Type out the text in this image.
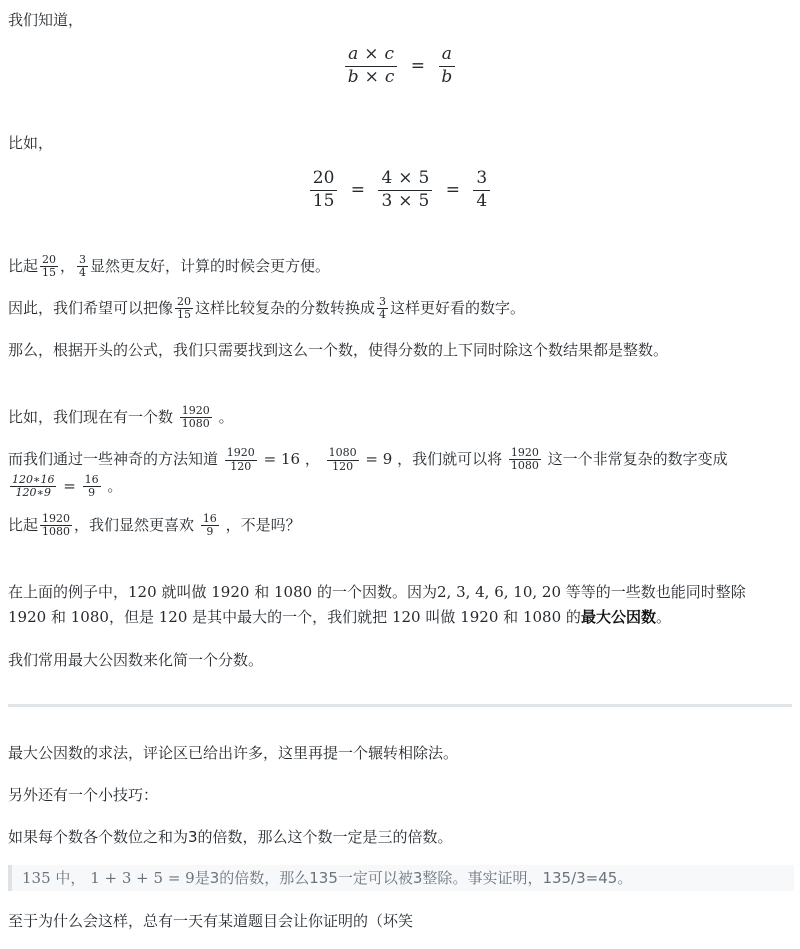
我们知道，

$\frac{a \times c}{b \times c} = \frac{a}{b}$

比如，

$\frac{20}{15} = \frac{4 \times 5}{3 \times 5} = \frac{3}{4}$

比起 $\frac{20}{15}$ ， $\frac{3}{4}$ 显然更友好，计算的时候会更方便。

因此，我们希望可以把像 $\frac{20}{15}$ 这样比较复杂的分数转换成 $\frac{3}{4}$ 这样更好看的数字。

那么，根据开头的公式，我们只需要找到这么一个数，使得分数的上下同时除这个数结果都是整数。

比如，我们现在有一个数 $\frac{1920}{1080}$ 。

而我们通过一些神奇的方法知道 $\frac{1920}{120} = 16$ ， $\frac{1080}{120} = 9$ ，我们就可以将 $\frac{1920}{1080}$ 这一个非常复杂的数字变成

$\frac{120∗16}{120∗9} = \frac{16}{9}$ 。

比起 $\frac{1920}{1080}$ ，我们显然更喜欢 $\frac{16}{9}$ ，不是吗？

在上面的例子中，120 就叫做 1920 和 1080 的一个因数。因为2, 3, 4, 6, 10, 20 等等的一些数也能同时整除
1920 和 1080，但是 120 是其中最大的一个，我们就把 120 叫做 1920 和 1080 的最大公因数。

我们常用最大公因数来化简一个分数。

最大公因数的求法，评论区已给出许多，这里再提一个辗转相除法。

另外还有一个小技巧：

如果每个数各个数位之和为3的倍数，那么这个数一定是三的倍数。

135 中， 1 + 3 + 5 = 9是3的倍数，那么135一定可以被3整除。事实证明，135/3=45。

至于为什么会这样，总有一天有某道题目会让你证明的（坏笑
